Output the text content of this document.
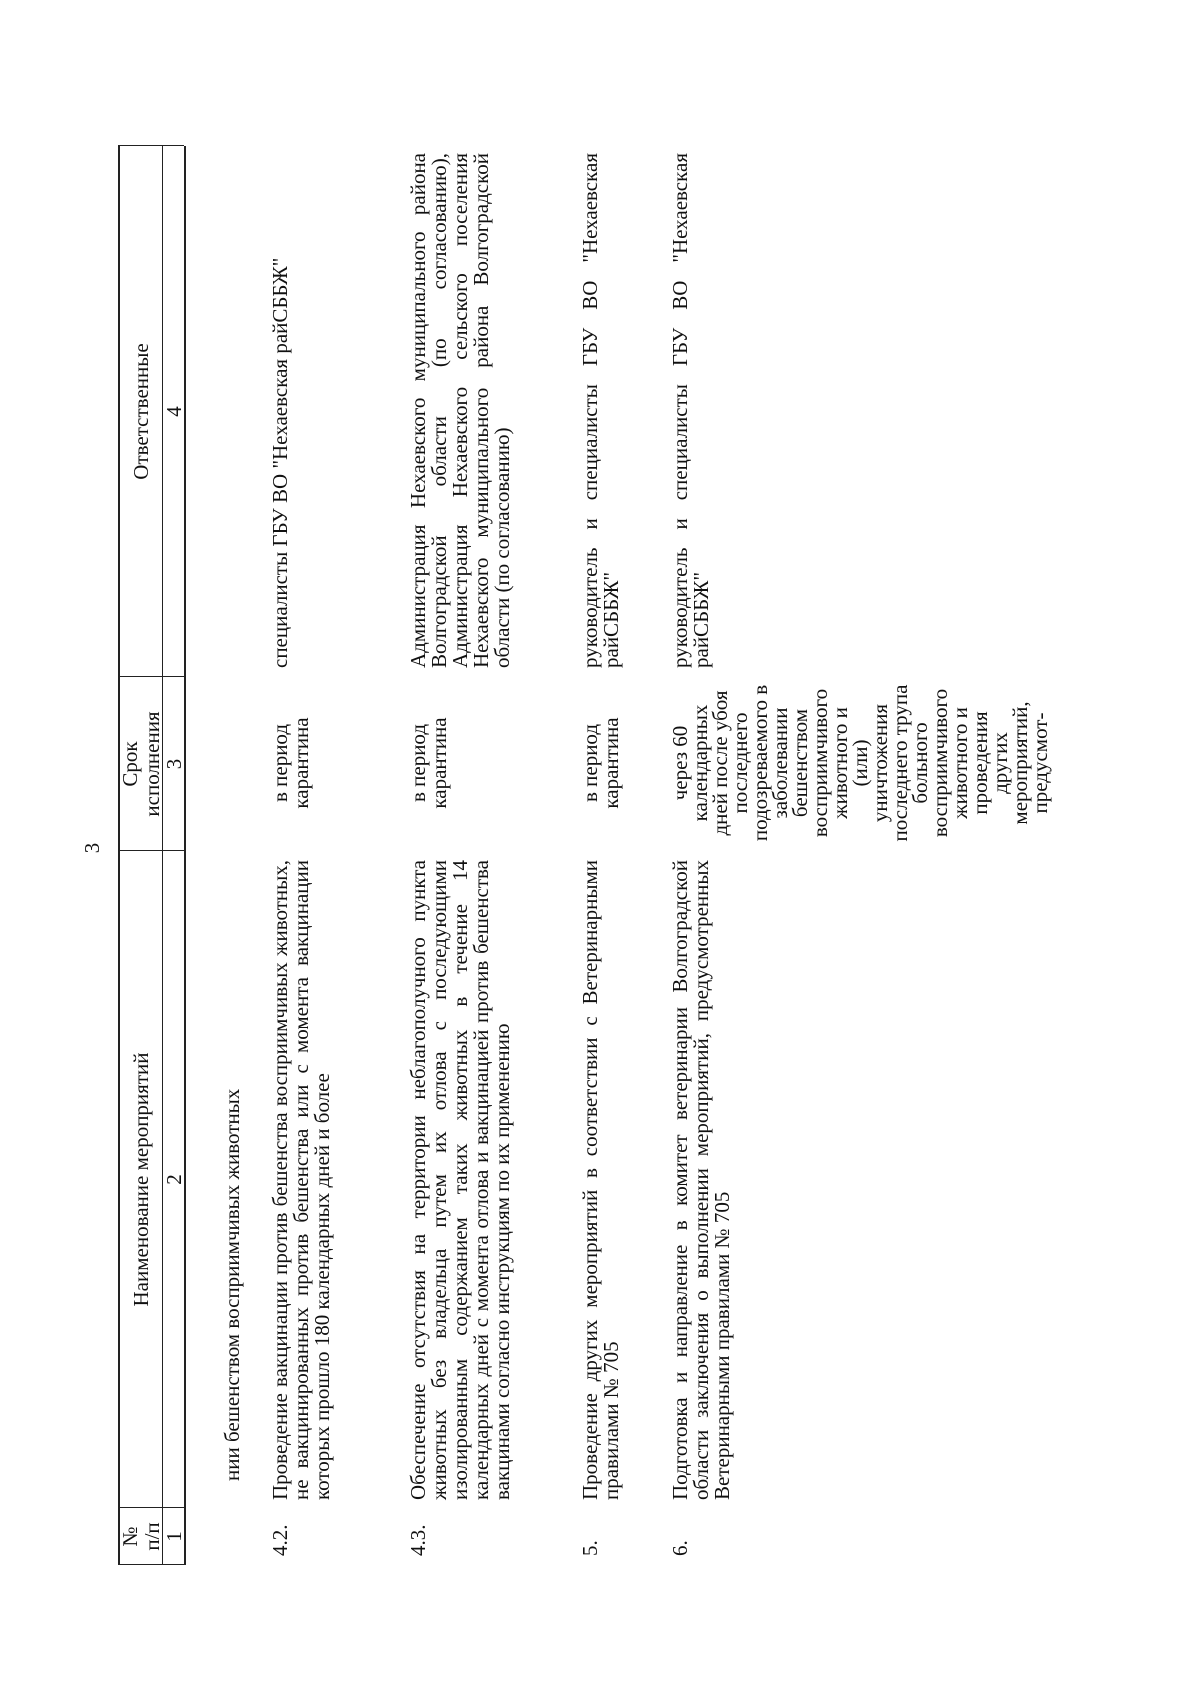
3
№
п/п
Наименование мероприятий
Срок
исполнения
Ответственные
1
2
3
4
нии бешенством восприимчивых животных
4.2.
Проведение вакцинации против бешенства восприимчивых животных, не вакцинированных против бешенства или с момента вакцинации которых прошло 180 календарных дней и более
в период карантина
специалисты ГБУ ВО "Нехаевская райСББЖ"
4.3.
Обеспечение отсутствия на территории неблагополучного пункта животных без владельца путем их отлова с последующими изолированным содержанием таких животных в течение 14 календарных дней с момента отлова и вакцинацией против бешенства вакцинами согласно инструкциям по их применению
в период карантина
Администрация Нехаевского муниципального района Волгоградской области (по согласованию), Администрация Нехаевского сельского поселения Нехаевского муниципального района Волгоградской области (по согласованию)
5.
Проведение других мероприятий в соответствии с Ветеринарными правилами № 705
в период карантина
руководитель и специалисты ГБУ ВО "Нехаевская райСББЖ"
6.
Подготовка и направление в комитет ветеринарии Волгоградской области заключения о выполнении мероприятий, предусмотренных Ветеринарными правилами № 705
через 60 календарных дней после убоя последнего подозреваемого в заболевании бешенством восприимчивого животного и (или) уничтожения последнего трупа больного восприимчивого животного и проведения других мероприятий, предусмот-
руководитель и специалисты ГБУ ВО "Нехаевская райСББЖ"
